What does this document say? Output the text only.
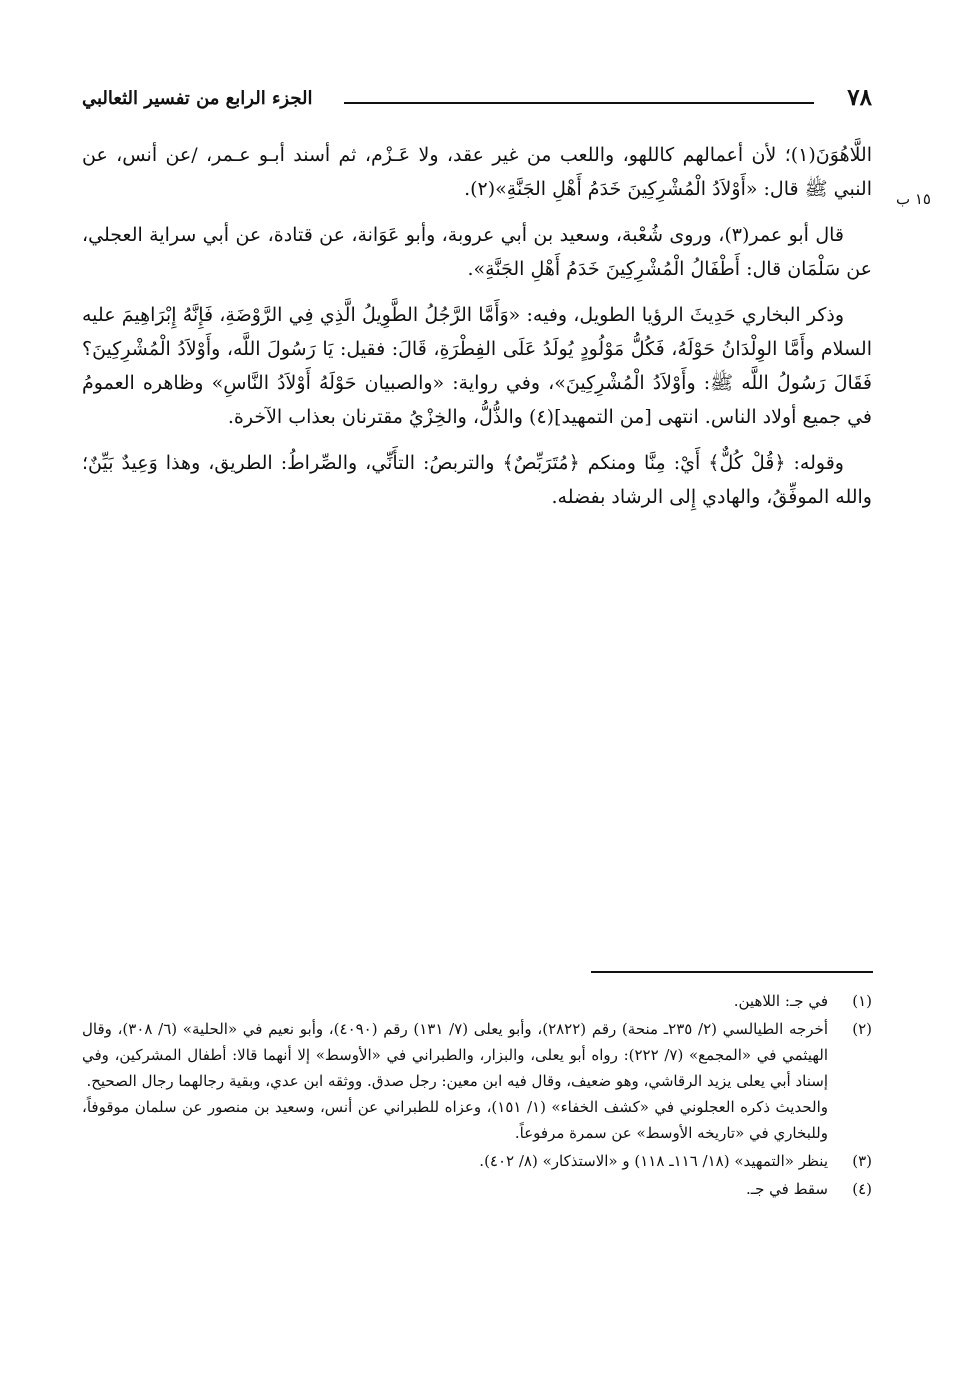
٧٨
الجزء الرابع من تفسير الثعالبي
١٥ ب

اللَّاهُوَنَ(١)؛ لأن أعمالهم كاللهو، واللعب من غير عقد، ولا عَـزْم، ثم أسند أبـو عـمر، /عن أنس، عن النبي ﷺ قال: «أَوْلاَدُ الْمُشْرِكِينَ خَدَمُ أَهْلِ الجَنَّةِ»(٢).

قال أبو عمر(٣)، وروى شُعْبة، وسعيد بن أبي عروبة، وأبو عَوَانة، عن قتادة، عن أبي سراية العجلي، عن سَلْمَان قال: أَطْفَالُ الْمُشْرِكِينَ خَدَمُ أَهْلِ الجَنَّةِ».

وذكر البخاري حَدِيثَ الرؤيا الطويل، وفيه: «وَأَمَّا الرَّجُلُ الطَّوِيلُ الَّذِي فِي الرَّوْضَةِ، فَإِنَّهُ إِبْرَاهِيمَ عليه السلام وأَمَّا الوِلْدَانُ حَوْلَهُ، فَكُلُّ مَوْلُودٍ يُولَدُ عَلَى الفِطْرَةِ، قَالَ: فقيل: يَا رَسُولَ اللَّه، وأَوْلاَدُ الْمُشْرِكِينَ؟ فَقَالَ رَسُولُ اللَّه ﷺ: وأَوْلاَدُ الْمُشْرِكِينَ»، وفي رواية: «والصبيان حَوْلَهُ أَوْلاَدُ النَّاسِ» وظاهره العمومُ في جميع أولاد الناس. انتهى [من التمهيد](٤) والذُّلُّ، والخِزْيُ مقترنان بعذاب الآخرة.

وقوله: ﴿قُلْ كُلٌّ﴾ أَيْ: مِنَّا ومنكم ﴿مُتَرَبِّصٌ﴾ والتربصُ: التأَنِّي، والصِّراطُ: الطريق، وهذا وَعِيدٌ بَيِّنٌ؛ والله الموفِّقُ، والهادي إِلى الرشاد بفضله.

(١)

في جـ: اللاهين.

(٢)

أخرجه الطيالسي (٢/ ٢٣٥ـ منحة) رقم (٢٨٢٢)، وأبو يعلى (٧/ ١٣١) رقم (٤٠٩٠)، وأبو نعيم في «الحلية» (٦/ ٣٠٨)، وقال الهيثمي في «المجمع» (٧/ ٢٢٢): رواه أبو يعلى، والبزار، والطبراني في «الأوسط» إلا أنهما قالا: أطفال المشركين، وفي إسناد أبي يعلى يزيد الرقاشي، وهو ضعيف، وقال فيه ابن معين: رجل صدق. ووثقه ابن عدي، وبقية رجالهما رجال الصحيح.

والحديث ذكره العجلوني في «كشف الخفاء» (١/ ١٥١)، وعزاه للطبراني عن أنس، وسعيد بن منصور عن سلمان موقوفاً، وللبخاري في «تاريخه الأوسط» عن سمرة مرفوعاً.

(٣)

ينظر «التمهيد» (١٨/ ١١٦ـ ١١٨) و «الاستذكار» (٨/ ٤٠٢).

(٤)

سقط في جـ.
